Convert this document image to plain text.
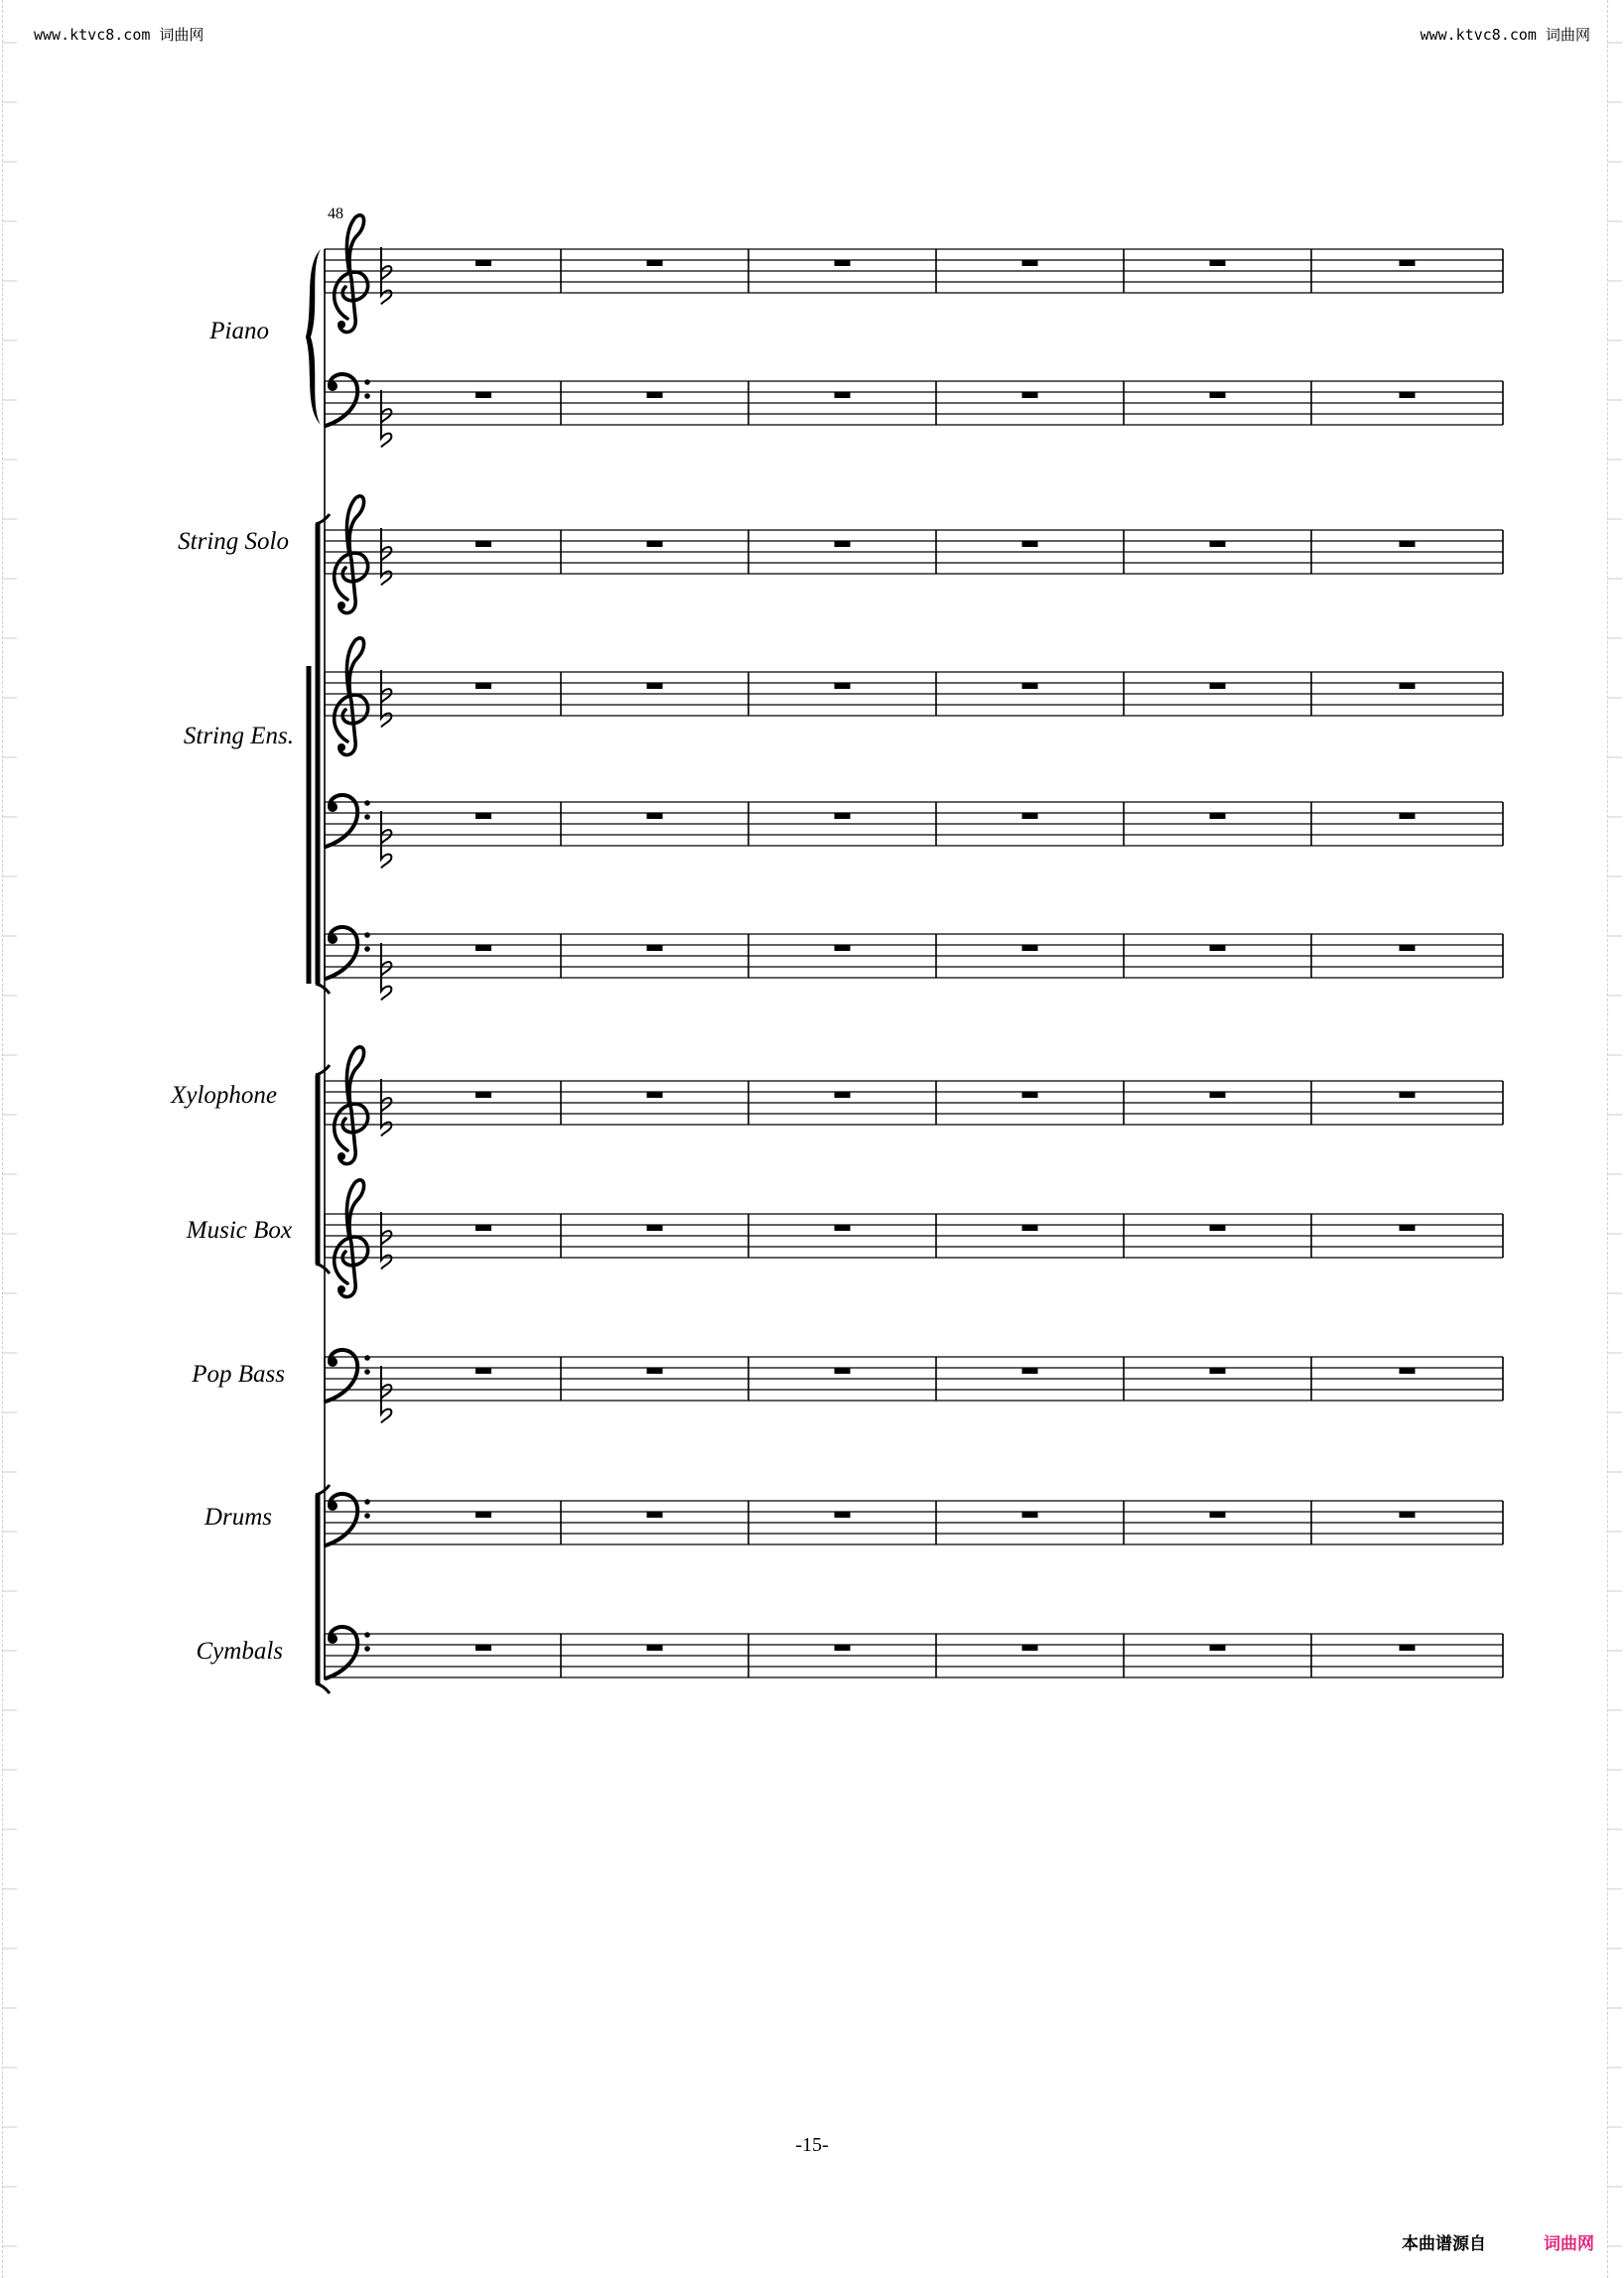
www.ktvc8.com 词曲网	www.ktvc8.com 词曲网
48
Piano
String Solo
String Ens.
Xylophone
Music Box
Pop Bass
Drums
Cymbals
-15-
本曲谱源自	词曲网
